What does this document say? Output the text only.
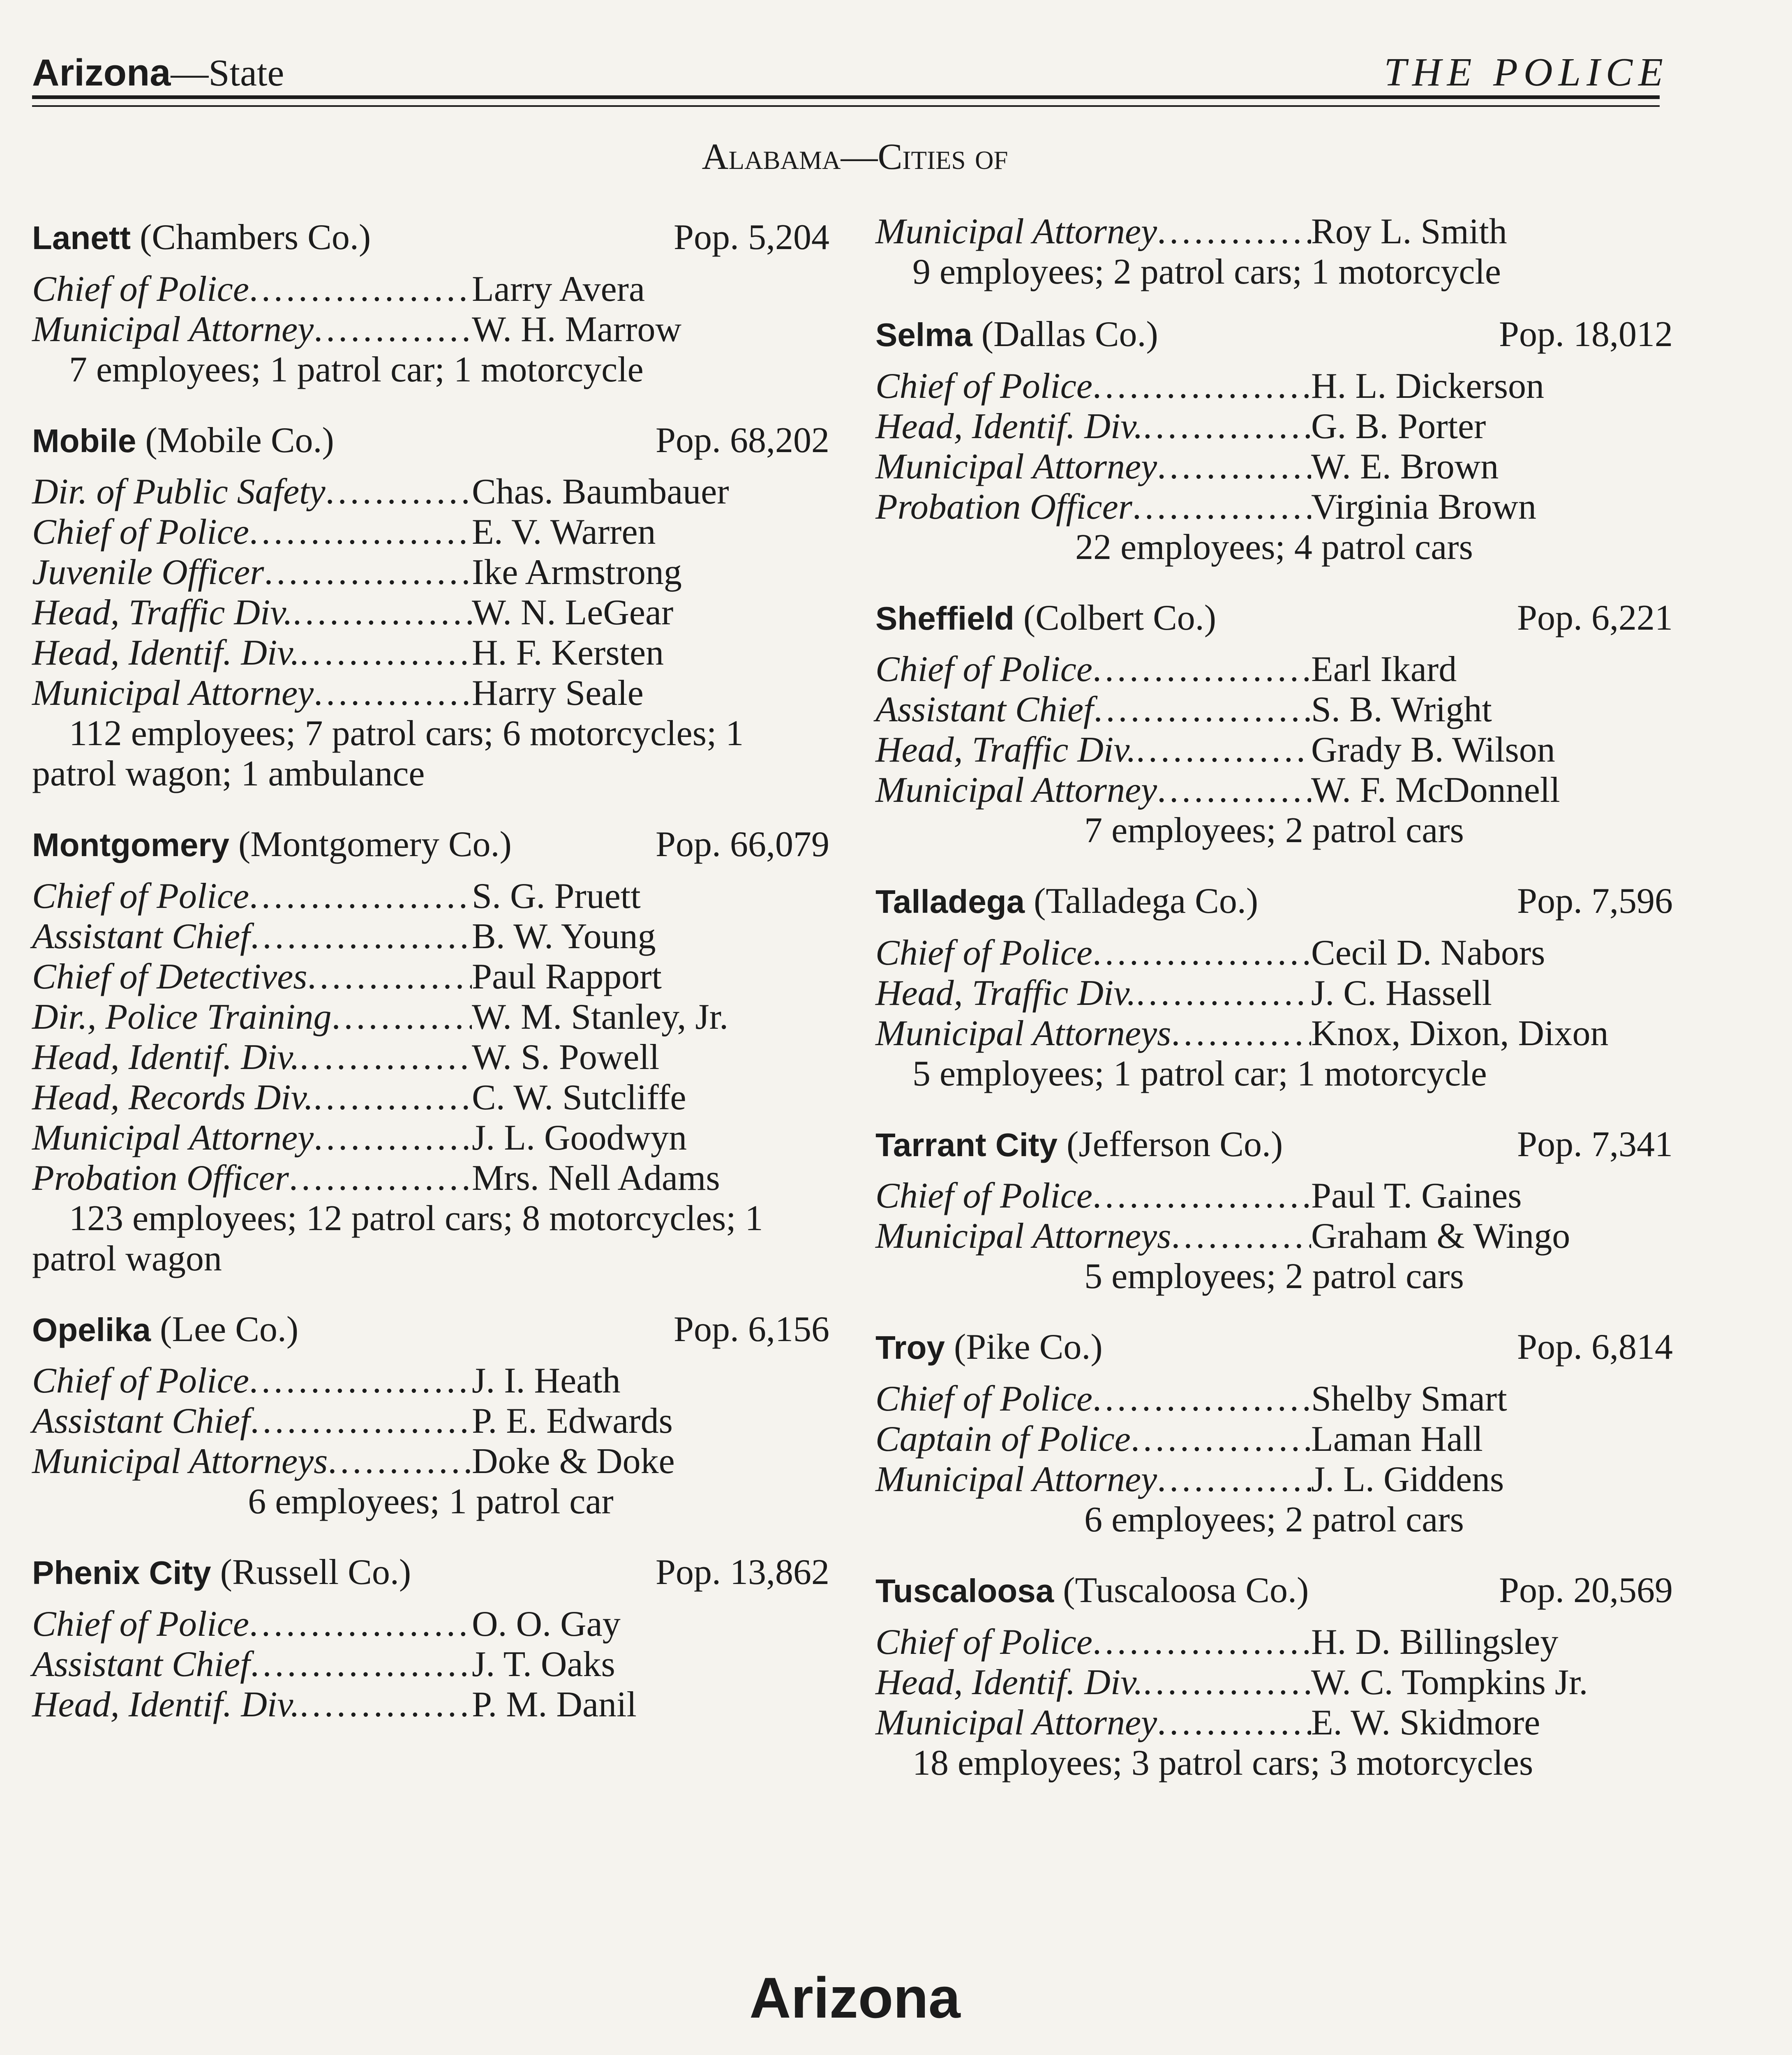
Arizona—State	THE POLICE
Alabama—Cities of
Lanett (Chambers Co.)	Pop. 5,204
Chief of Police .....	Larry Avera
Municipal Attorney .....	W. H. Marrow
7 employees; 1 patrol car; 1 motorcycle
Mobile (Mobile Co.)	Pop. 68,202
Dir. of Public Safety .....	Chas. Baumbauer
Chief of Police .....	E. V. Warren
Juvenile Officer .....	Ike Armstrong
Head, Traffic Div. .....	W. N. LeGear
Head, Identif. Div. .....	H. F. Kersten
Municipal Attorney .....	Harry Seale
112 employees; 7 patrol cars; 6 motorcycles; 1 patrol wagon; 1 ambulance
Montgomery (Montgomery Co.)	Pop. 66,079
Chief of Police .....	S. G. Pruett
Assistant Chief .....	B. W. Young
Chief of Detectives .....	Paul Rapport
Dir., Police Training .....	W. M. Stanley, Jr.
Head, Identif. Div. .....	W. S. Powell
Head, Records Div. .....	C. W. Sutcliffe
Municipal Attorney .....	J. L. Goodwyn
Probation Officer .....	Mrs. Nell Adams
123 employees; 12 patrol cars; 8 motorcycles; 1 patrol wagon
Opelika (Lee Co.)	Pop. 6,156
Chief of Police .....	J. I. Heath
Assistant Chief .....	P. E. Edwards
Municipal Attorneys .....	Doke & Doke
6 employees; 1 patrol car
Phenix City (Russell Co.)	Pop. 13,862
Chief of Police .....	O. O. Gay
Assistant Chief .....	J. T. Oaks
Head, Identif. Div. .....	P. M. Danil
Municipal Attorney .....	Roy L. Smith
9 employees; 2 patrol cars; 1 motorcycle
Selma (Dallas Co.)	Pop. 18,012
Chief of Police .....	H. L. Dickerson
Head, Identif. Div. .....	G. B. Porter
Municipal Attorney .....	W. E. Brown
Probation Officer .....	Virginia Brown
22 employees; 4 patrol cars
Sheffield (Colbert Co.)	Pop. 6,221
Chief of Police .....	Earl Ikard
Assistant Chief .....	S. B. Wright
Head, Traffic Div. .....	Grady B. Wilson
Municipal Attorney .....	W. F. McDonnell
7 employees; 2 patrol cars
Talladega (Talladega Co.)	Pop. 7,596
Chief of Police .....	Cecil D. Nabors
Head, Traffic Div. .....	J. C. Hassell
Municipal Attorneys .....	Knox, Dixon, Dixon
5 employees; 1 patrol car; 1 motorcycle
Tarrant City (Jefferson Co.)	Pop. 7,341
Chief of Police .....	Paul T. Gaines
Municipal Attorneys .....	Graham & Wingo
5 employees; 2 patrol cars
Troy (Pike Co.)	Pop. 6,814
Chief of Police .....	Shelby Smart
Captain of Police .....	Laman Hall
Municipal Attorney .....	J. L. Giddens
6 employees; 2 patrol cars
Tuscaloosa (Tuscaloosa Co.)	Pop. 20,569
Chief of Police .....	H. D. Billingsley
Head, Identif. Div. .....	W. C. Tompkins Jr.
Municipal Attorney .....	E. W. Skidmore
18 employees; 3 patrol cars; 3 motorcycles
Arizona
